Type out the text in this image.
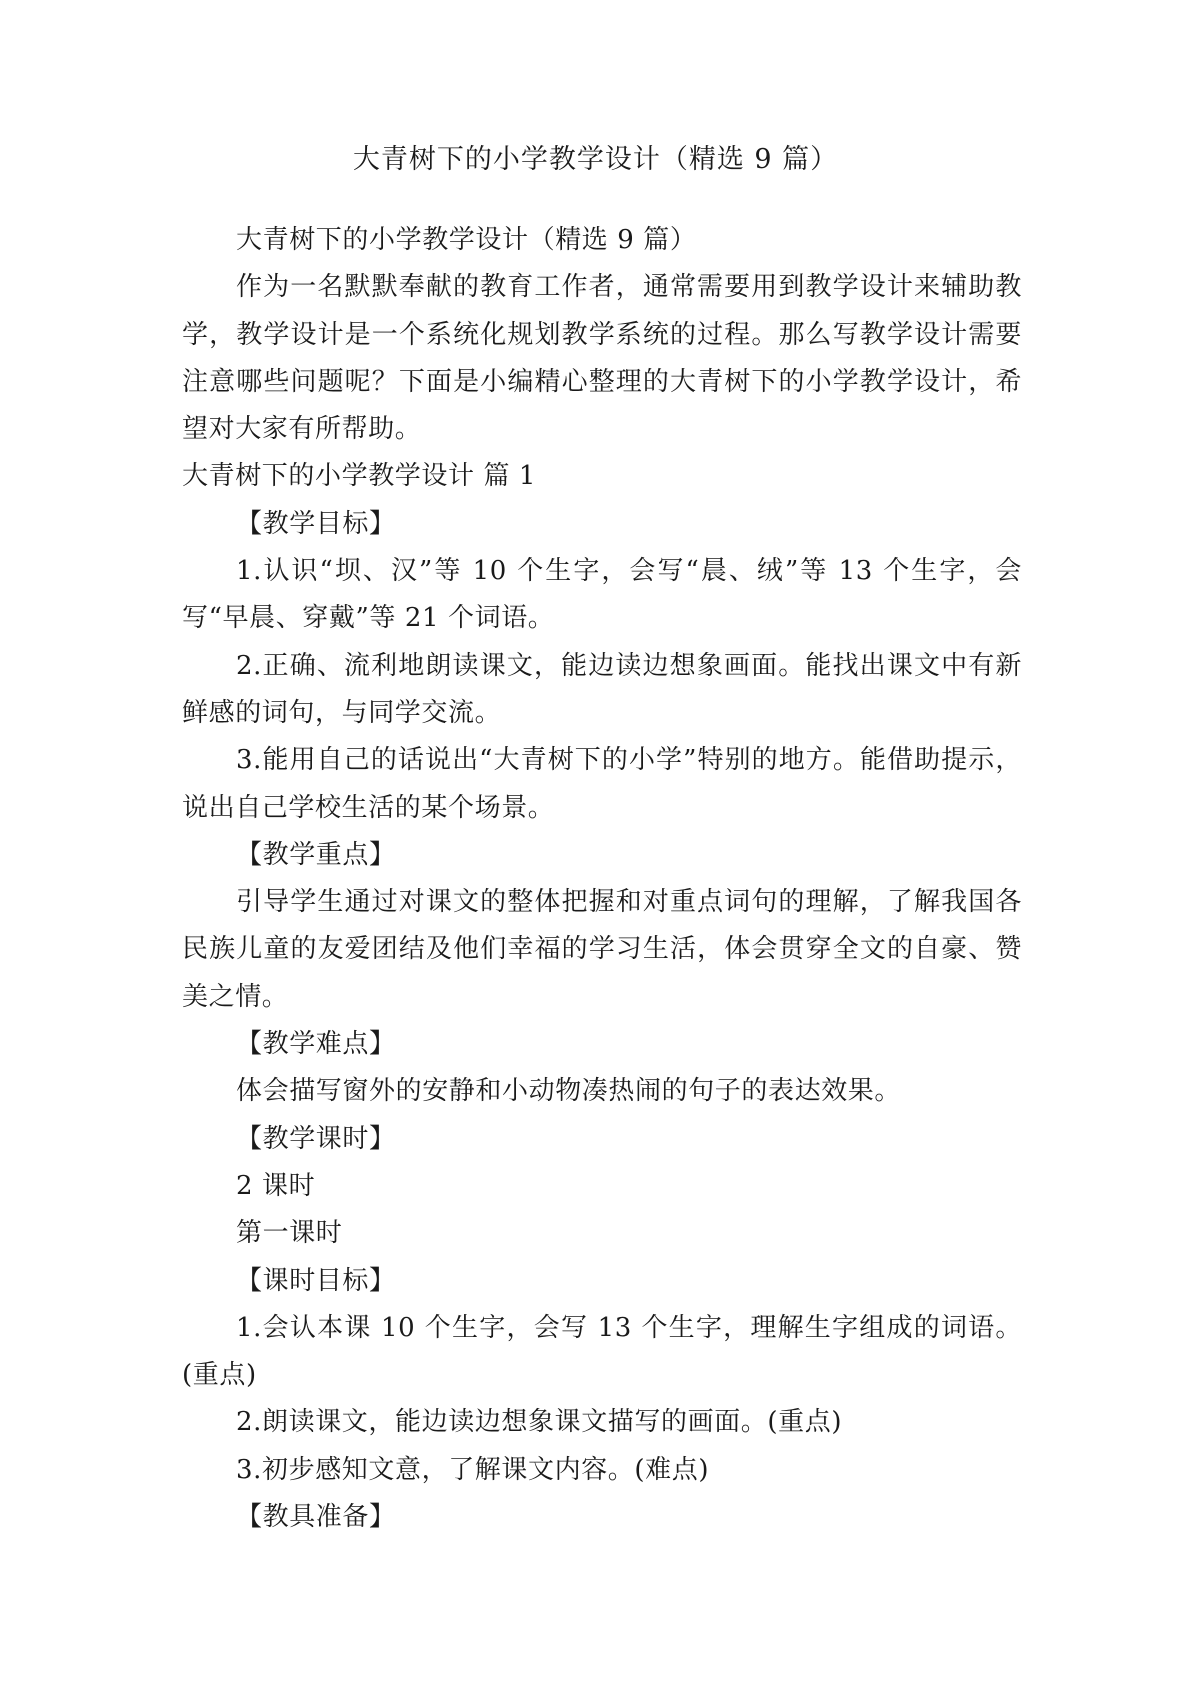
大青树下的小学教学设计（精选 9 篇）

大青树下的小学教学设计（精选 9 篇）

作为一名默默奉献的教育工作者，通常需要用到教学设计来辅助教学，教学设计是一个系统化规划教学系统的过程。那么写教学设计需要注意哪些问题呢？下面是小编精心整理的大青树下的小学教学设计，希望对大家有所帮助。

大青树下的小学教学设计 篇 1

【教学目标】

1.认识“坝、汉”等 10 个生字，会写“晨、绒”等 13 个生字，会写“早晨、穿戴”等 21 个词语。

2.正确、流利地朗读课文，能边读边想象画面。能找出课文中有新鲜感的词句，与同学交流。

3.能用自己的话说出“大青树下的小学”特别的地方。能借助提示，说出自己学校生活的某个场景。

【教学重点】

引导学生通过对课文的整体把握和对重点词句的理解，了解我国各民族儿童的友爱团结及他们幸福的学习生活，体会贯穿全文的自豪、赞美之情。

【教学难点】

体会描写窗外的安静和小动物凑热闹的句子的表达效果。

【教学课时】

2 课时

第一课时

【课时目标】

1.会认本课 10 个生字，会写 13 个生字，理解生字组成的词语。(重点)

2.朗读课文，能边读边想象课文描写的画面。(重点)

3.初步感知文意，了解课文内容。(难点)

【教具准备】
